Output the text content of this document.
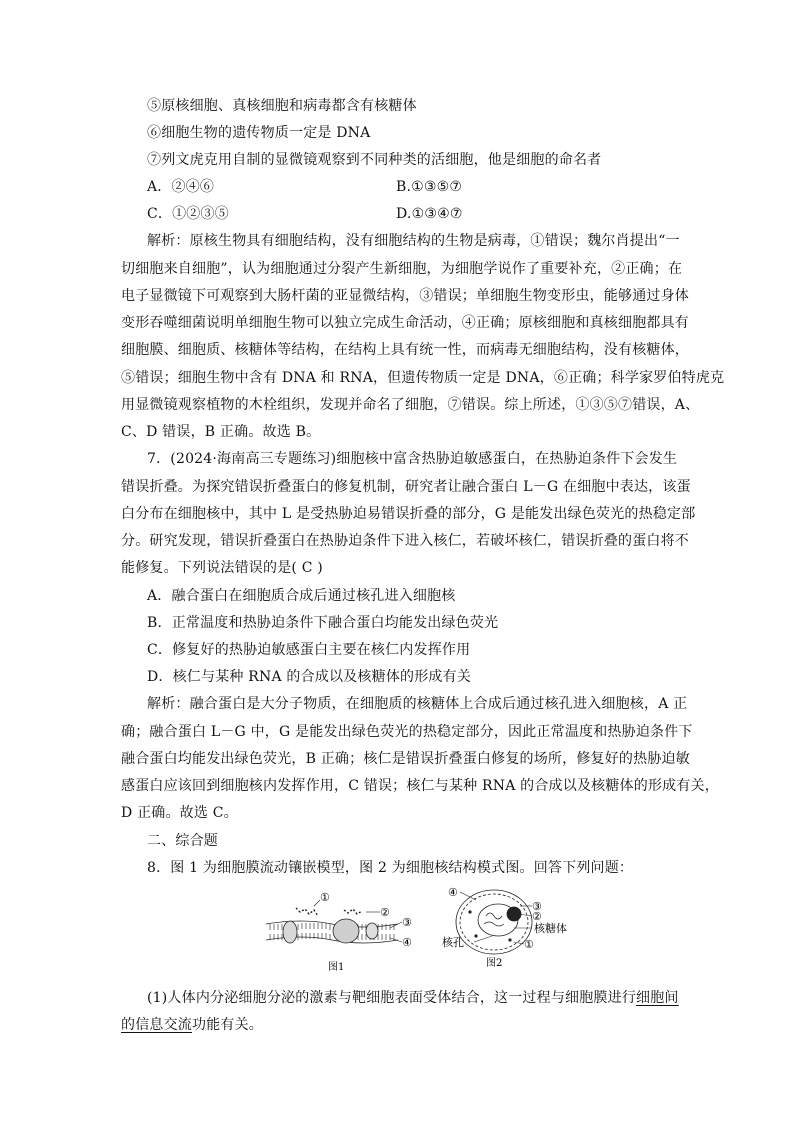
⑤原核细胞、真核细胞和病毒都含有核糖体
⑥细胞生物的遗传物质一定是 DNA
⑦列文虎克用自制的显微镜观察到不同种类的活细胞，他是细胞的命名者
A．②④⑥	B.①③⑤⑦
C．①②③⑤	D.①③④⑦
解析：原核生物具有细胞结构，没有细胞结构的生物是病毒，①错误；魏尔肖提出“一
切细胞来自细胞”，认为细胞通过分裂产生新细胞，为细胞学说作了重要补充，②正确；在
电子显微镜下可观察到大肠杆菌的亚显微结构，③错误；单细胞生物变形虫，能够通过身体
变形吞噬细菌说明单细胞生物可以独立完成生命活动，④正确；原核细胞和真核细胞都具有
细胞膜、细胞质、核糖体等结构，在结构上具有统一性，而病毒无细胞结构，没有核糖体，
⑤错误；细胞生物中含有 DNA 和 RNA，但遗传物质一定是 DNA，⑥正确；科学家罗伯特虎克
用显微镜观察植物的木栓组织，发现并命名了细胞，⑦错误。综上所述，①③⑤⑦错误，A、
C、D 错误，B 正确。故选 B。
7．(2024·海南高三专题练习)细胞核中富含热胁迫敏感蛋白，在热胁迫条件下会发生
错误折叠。为探究错误折叠蛋白的修复机制，研究者让融合蛋白 L－G 在细胞中表达，该蛋
白分布在细胞核中，其中 L 是受热胁迫易错误折叠的部分，G 是能发出绿色荧光的热稳定部
分。研究发现，错误折叠蛋白在热胁迫条件下进入核仁，若破坏核仁，错误折叠的蛋白将不
能修复。下列说法错误的是( C )
A．融合蛋白在细胞质合成后通过核孔进入细胞核
B．正常温度和热胁迫条件下融合蛋白均能发出绿色荧光
C．修复好的热胁迫敏感蛋白主要在核仁内发挥作用
D．核仁与某种 RNA 的合成以及核糖体的形成有关
解析：融合蛋白是大分子物质，在细胞质的核糖体上合成后通过核孔进入细胞核，A 正
确；融合蛋白 L－G 中，G 是能发出绿色荧光的热稳定部分，因此正常温度和热胁迫条件下
融合蛋白均能发出绿色荧光，B 正确；核仁是错误折叠蛋白修复的场所，修复好的热胁迫敏
感蛋白应该回到细胞核内发挥作用，C 错误；核仁与某种 RNA 的合成以及核糖体的形成有关，
D 正确。故选 C。
二、综合题
8．图 1 为细胞膜流动镶嵌模型，图 2 为细胞核结构模式图。回答下列问题：
①
②
③
④
图1
④
③
②
核糖体
核孔	①
图2
(1)人体内分泌细胞分泌的激素与靶细胞表面受体结合，这一过程与细胞膜进行细胞间
的信息交流功能有关。
